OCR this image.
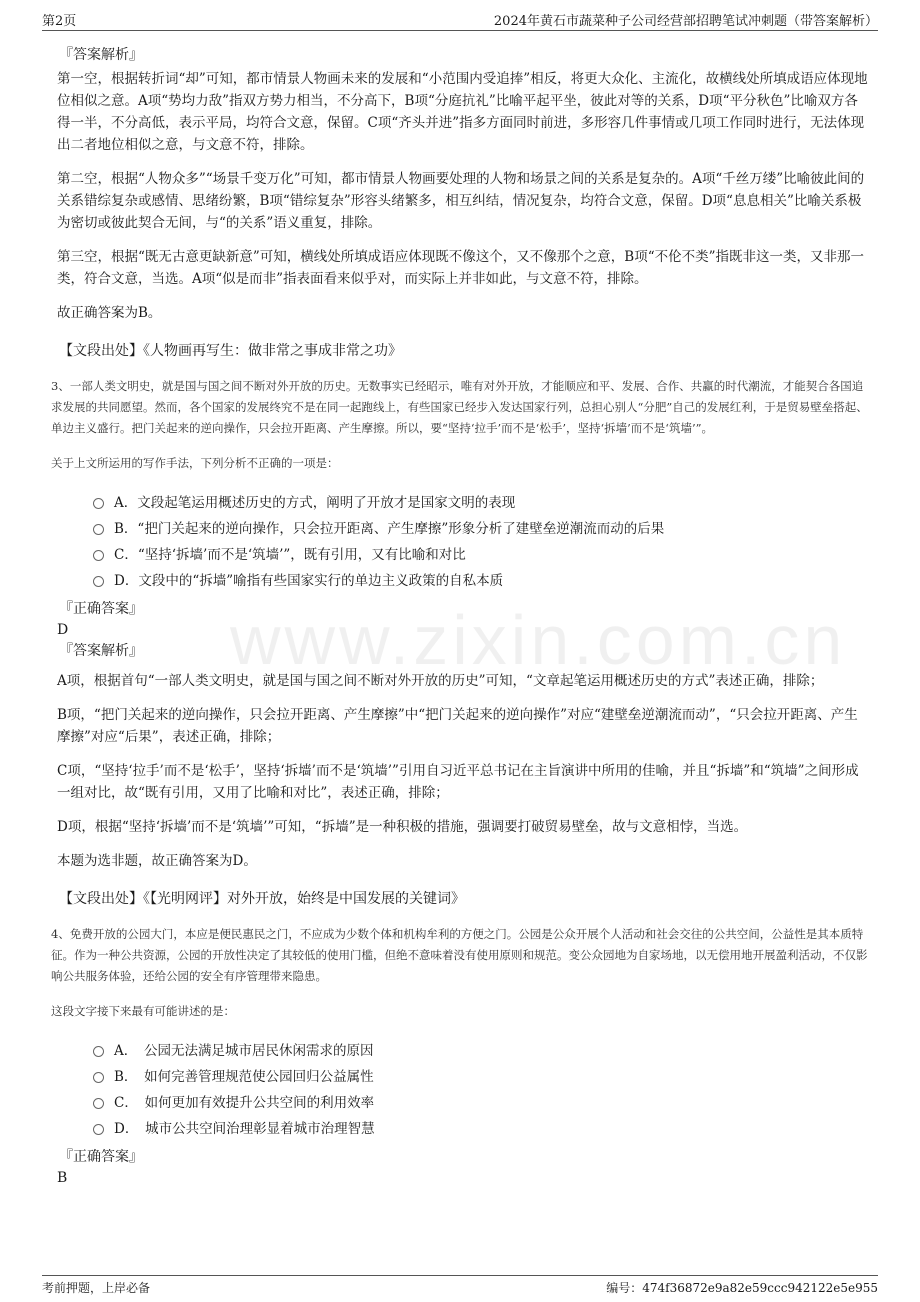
第2页	2024年黄石市蔬菜种子公司经营部招聘笔试冲刺题（带答案解析）
www.zixin.com.cn
『答案解析』

第一空，根据转折词“却”可知，都市情景人物画未来的发展和“小范围内受追捧”相反，将更大众化、主流化，故横线处所填成语应体现地位相似之意。A项“势均力敌”指双方势力相当，不分高下，B项“分庭抗礼”比喻平起平坐，彼此对等的关系，D项“平分秋色”比喻双方各得一半，不分高低，表示平局，均符合文意，保留。C项“齐头并进”指多方面同时前进，多形容几件事情或几项工作同时进行，无法体现出二者地位相似之意，与文意不符，排除。

第二空，根据“人物众多”“场景千变万化”可知，都市情景人物画要处理的人物和场景之间的关系是复杂的。A项“千丝万缕”比喻彼此间的关系错综复杂或感情、思绪纷繁，B项“错综复杂”形容头绪繁多，相互纠结，情况复杂，均符合文意，保留。D项“息息相关”比喻关系极为密切或彼此契合无间，与“的关系”语义重复，排除。

第三空，根据“既无古意更缺新意”可知，横线处所填成语应体现既不像这个，又不像那个之意，B项“不伦不类”指既非这一类，又非那一类，符合文意，当选。A项“似是而非”指表面看来似乎对，而实际上并非如此，与文意不符，排除。

故正确答案为B。

【文段出处】《人物画再写生：做非常之事成非常之功》

3、一部人类文明史，就是国与国之间不断对外开放的历史。无数事实已经昭示，唯有对外开放，才能顺应和平、发展、合作、共赢的时代潮流，才能契合各国追求发展的共同愿望。然而，各个国家的发展终究不是在同一起跑线上，有些国家已经步入发达国家行列，总担心别人“分肥”自己的发展红利，于是贸易壁垒搭起、单边主义盛行。把门关起来的逆向操作，只会拉开距离、产生摩擦。所以，要“坚持‘拉手’而不是‘松手’，坚持‘拆墙’而不是‘筑墙’”。

关于上文所运用的写作手法，下列分析不正确的一项是：

A．文段起笔运用概述历史的方式，阐明了开放才是国家文明的表现
B．“把门关起来的逆向操作，只会拉开距离、产生摩擦”形象分析了建壁垒逆潮流而动的后果
C．“坚持‘拆墙’而不是‘筑墙’”，既有引用，又有比喻和对比
D．文段中的“拆墙”喻指有些国家实行的单边主义政策的自私本质
『正确答案』
D
『答案解析』

A项，根据首句“一部人类文明史，就是国与国之间不断对外开放的历史”可知，“文章起笔运用概述历史的方式”表述正确，排除；

B项，“把门关起来的逆向操作，只会拉开距离、产生摩擦”中“把门关起来的逆向操作”对应“建壁垒逆潮流而动”，“只会拉开距离、产生摩擦”对应“后果”，表述正确，排除；

C项，“坚持‘拉手’而不是‘松手’，坚持‘拆墙’而不是‘筑墙’”引用自习近平总书记在主旨演讲中所用的佳喻，并且“拆墙”和“筑墙”之间形成一组对比，故“既有引用，又用了比喻和对比”，表述正确，排除；

D项，根据“坚持‘拆墙’而不是‘筑墙’”可知，“拆墙”是一种积极的措施，强调要打破贸易壁垒，故与文意相悖，当选。

本题为选非题，故正确答案为D。

【文段出处】《【光明网评】对外开放，始终是中国发展的关键词》

4、免费开放的公园大门，本应是便民惠民之门，不应成为少数个体和机构牟利的方便之门。公园是公众开展个人活动和社会交往的公共空间，公益性是其本质特征。作为一种公共资源，公园的开放性决定了其较低的使用门槛，但绝不意味着没有使用原则和规范。变公众园地为自家场地，以无偿用地开展盈利活动，不仅影响公共服务体验，还给公园的安全有序管理带来隐患。

这段文字接下来最有可能讲述的是：

A．　公园无法满足城市居民休闲需求的原因
B．　如何完善管理规范使公园回归公益属性
C．　如何更加有效提升公共空间的利用效率
D．　城市公共空间治理彰显着城市治理智慧
『正确答案』
B
考前押题，上岸必备	编号：474f36872e9a82e59ccc942122e5e955
